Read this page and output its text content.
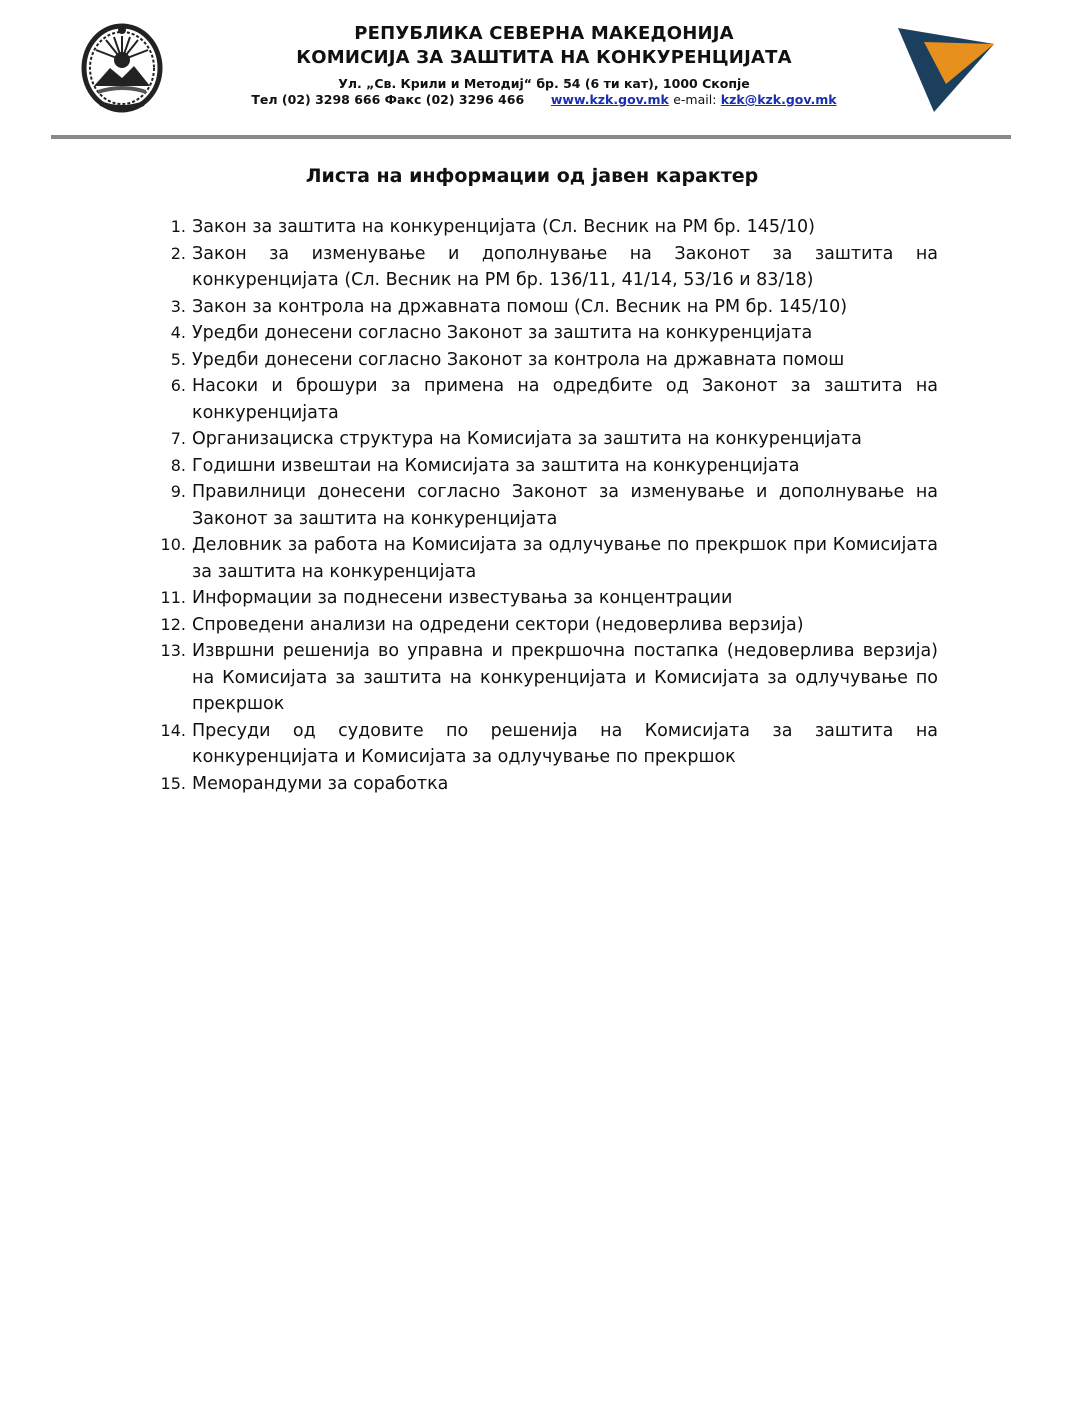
РЕПУБЛИКА СЕВЕРНА МАКЕДОНИЈА
КОМИСИЈА ЗА ЗАШТИТА НА КОНКУРЕНЦИЈАТА
Ул. „Св. Крили и Методиј“ бр. 54 (6 ти кат), 1000 Скопје
Тел (02) 3298 666 Факс (02) 3296 466 www.kzk.gov.mk e-mail: kzk@kzk.gov.mk
Листа на информации од јавен карактер
1. Закон за заштита на конкуренцијата (Сл. Весник на РМ бр. 145/10)
2. Закон за изменување и дополнување на Законот за заштита на конкуренцијата (Сл. Весник на РМ бр. 136/11, 41/14, 53/16 и 83/18)
3. Закон за контрола на државната помош (Сл. Весник на РМ бр. 145/10)
4. Уредби донесени согласно Законот за заштита на конкуренцијата
5. Уредби донесени согласно Законот за контрола на државната помош
6. Насоки и брошури за примена на одредбите од Законот за заштита на конкуренцијата
7. Организациска структура на Комисијата за заштита на конкуренцијата
8. Годишни извештаи на Комисијата за заштита на конкуренцијата
9. Правилници донесени согласно Законот за изменување и дополнување на Законот за заштита на конкуренцијата
10. Деловник за работа на Комисијата за одлучување по прекршок при Комисијата за заштита на конкуренцијата
11. Информации за поднесени известувања за концентрации
12. Спроведени анализи на одредени сектори (недоверлива верзија)
13. Извршни решенија во управна и прекршочна постапка (недоверлива верзија) на Комисијата за заштита на конкуренцијата и Комисијата за одлучување по прекршок
14. Пресуди од судовите по решенија на Комисијата за заштита на конкуренцијата и Комисијата за одлучување по прекршок
15. Меморандуми за соработка
